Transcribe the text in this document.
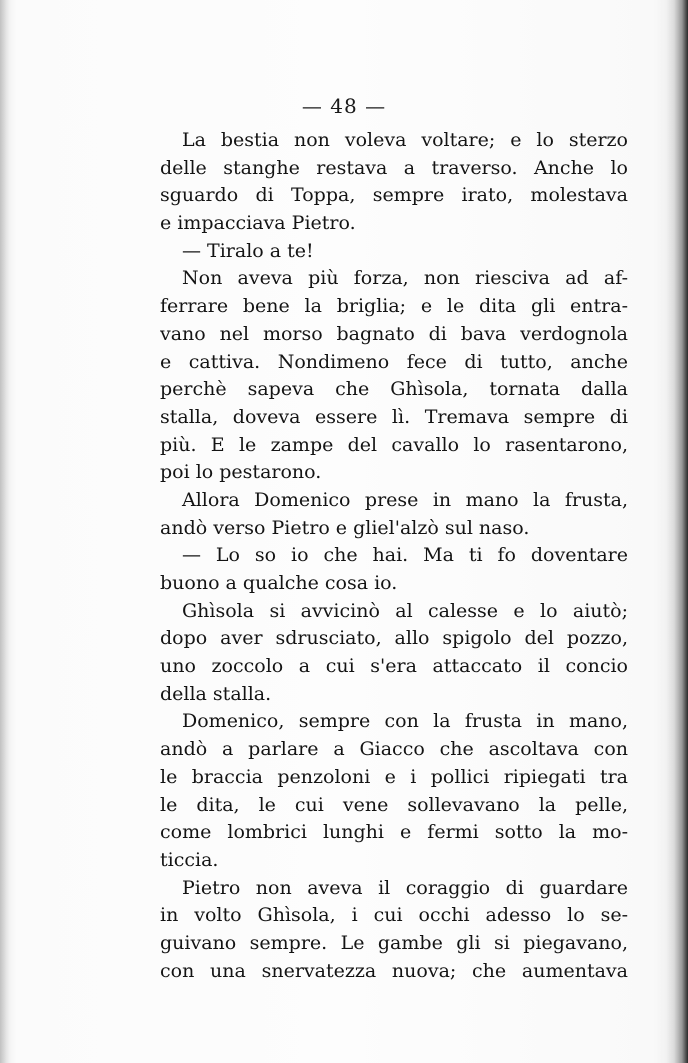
— 48 —
La bestia non voleva voltare; e lo sterzo
delle stanghe restava a traverso. Anche lo
sguardo di Toppa, sempre irato, molestava
e impacciava Pietro.
— Tiralo a te!
Non aveva più forza, non riesciva ad af-
ferrare bene la briglia; e le dita gli entra-
vano nel morso bagnato di bava verdognola
e cattiva. Nondimeno fece di tutto, anche
perchè sapeva che Ghìsola, tornata dalla
stalla, doveva essere lì. Tremava sempre di
più. E le zampe del cavallo lo rasentarono,
poi lo pestarono.
Allora Domenico prese in mano la frusta,
andò verso Pietro e gliel'alzò sul naso.
— Lo so io che hai. Ma ti fo doventare
buono a qualche cosa io.
Ghìsola si avvicinò al calesse e lo aiutò;
dopo aver sdrusciato, allo spigolo del pozzo,
uno zoccolo a cui s'era attaccato il concio
della stalla.
Domenico, sempre con la frusta in mano,
andò a parlare a Giacco che ascoltava con
le braccia penzoloni e i pollici ripiegati tra
le dita, le cui vene sollevavano la pelle,
come lombrici lunghi e fermi sotto la mo-
ticcia.
Pietro non aveva il coraggio di guardare
in volto Ghìsola, i cui occhi adesso lo se-
guivano sempre. Le gambe gli si piegavano,
con una snervatezza nuova; che aumentava
